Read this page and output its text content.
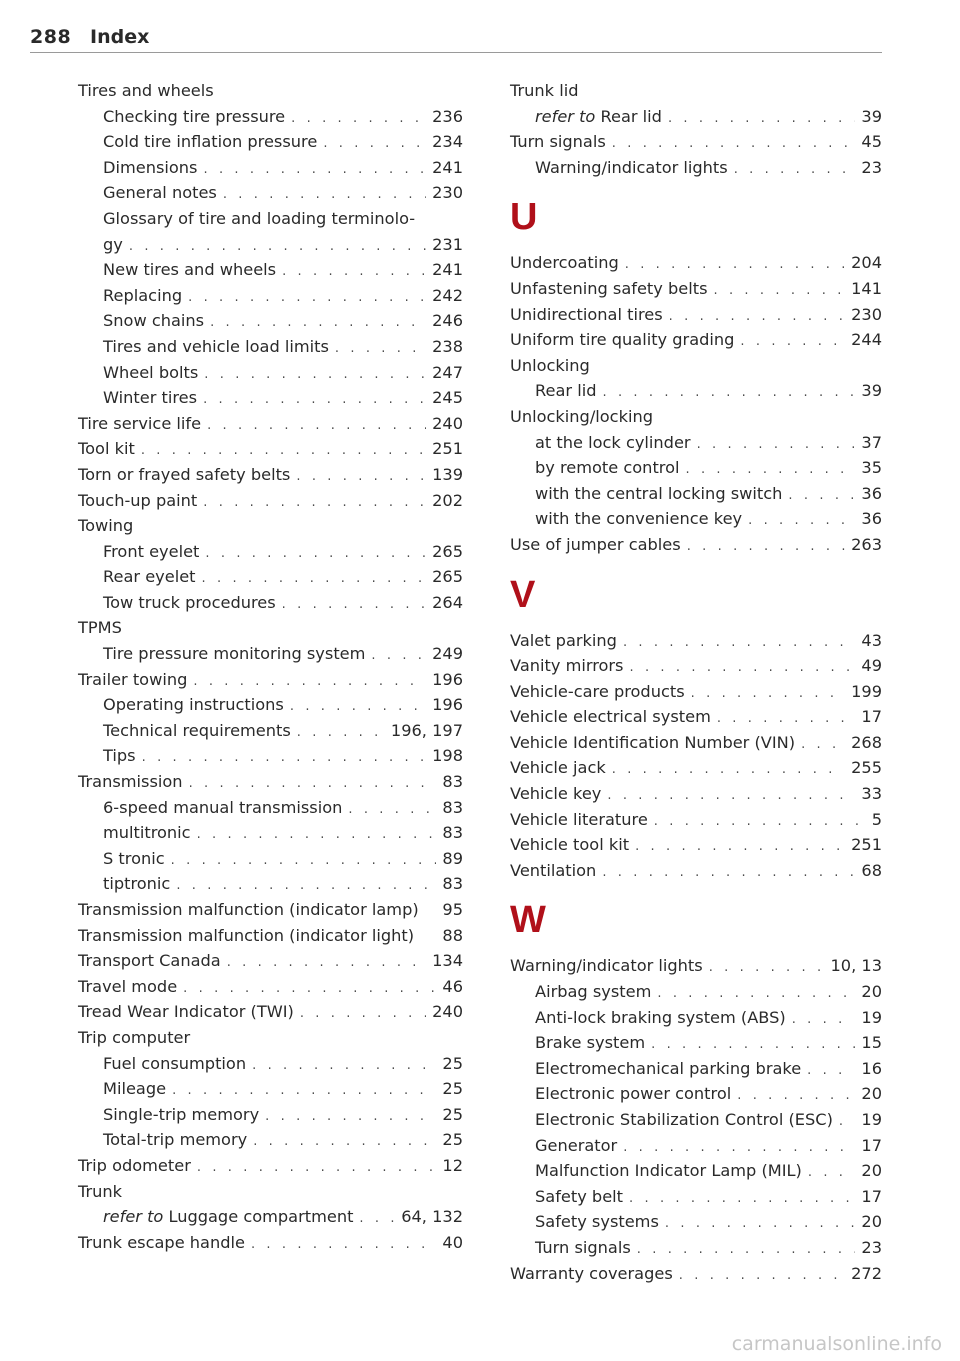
288 Index
Tires and wheels
Checking tire pressure . . .	236
Cold tire inflation pressure . . .	234
Dimensions . . .	241
General notes . . .	230
Glossary of tire and loading terminolo-
gy . . .	231
New tires and wheels . . .	241
Replacing . . .	242
Snow chains . . .	246
Tires and vehicle load limits . . .	238
Wheel bolts . . .	247
Winter tires . . .	245
Tire service life . . .	240
Tool kit . . .	251
Torn or frayed safety belts . . .	139
Touch-up paint . . .	202
Towing
Front eyelet . . .	265
Rear eyelet . . .	265
Tow truck procedures . . .	264
TPMS
Tire pressure monitoring system . . .	249
Trailer towing . . .	196
Operating instructions . . .	196
Technical requirements . . .	196, 197
Tips . . .	198
Transmission . . .	83
6-speed manual transmission . . .	83
multitronic . . .	83
S tronic . . .	89
tiptronic . . .	83
Transmission malfunction (indicator lamp) 95
Transmission malfunction (indicator light) 88
Transport Canada . . .	134
Travel mode . . .	46
Tread Wear Indicator (TWI) . . .	240
Trip computer
Fuel consumption . . .	25
Mileage . . .	25
Single-trip memory . . .	25
Total-trip memory . . .	25
Trip odometer . . .	12
Trunk
refer to Luggage compartment . . .	64, 132
Trunk escape handle . . .	40
Trunk lid
refer to Rear lid . . .	39
Turn signals . . .	45
Warning/indicator lights . . .	23
U
Undercoating . . .	204
Unfastening safety belts . . .	141
Unidirectional tires . . .	230
Uniform tire quality grading . . .	244
Unlocking
Rear lid . . .	39
Unlocking/locking
at the lock cylinder . . .	37
by remote control . . .	35
with the central locking switch . . .	36
with the convenience key . . .	36
Use of jumper cables . . .	263
V
Valet parking . . .	43
Vanity mirrors . . .	49
Vehicle-care products . . .	199
Vehicle electrical system . . .	17
Vehicle Identification Number (VIN) . . .	268
Vehicle jack . . .	255
Vehicle key . . .	33
Vehicle literature . . .	5
Vehicle tool kit . . .	251
Ventilation . . .	68
W
Warning/indicator lights . . .	10, 13
Airbag system . . .	20
Anti-lock braking system (ABS) . . .	19
Brake system . . .	15
Electromechanical parking brake . . .	16
Electronic power control . . .	20
Electronic Stabilization Control (ESC) . . . 19
Generator . . .	17
Malfunction Indicator Lamp (MIL) . . .	20
Safety belt . . .	17
Safety systems . . .	20
Turn signals . . .	23
Warranty coverages . . .	272
carmanualsonline.info
